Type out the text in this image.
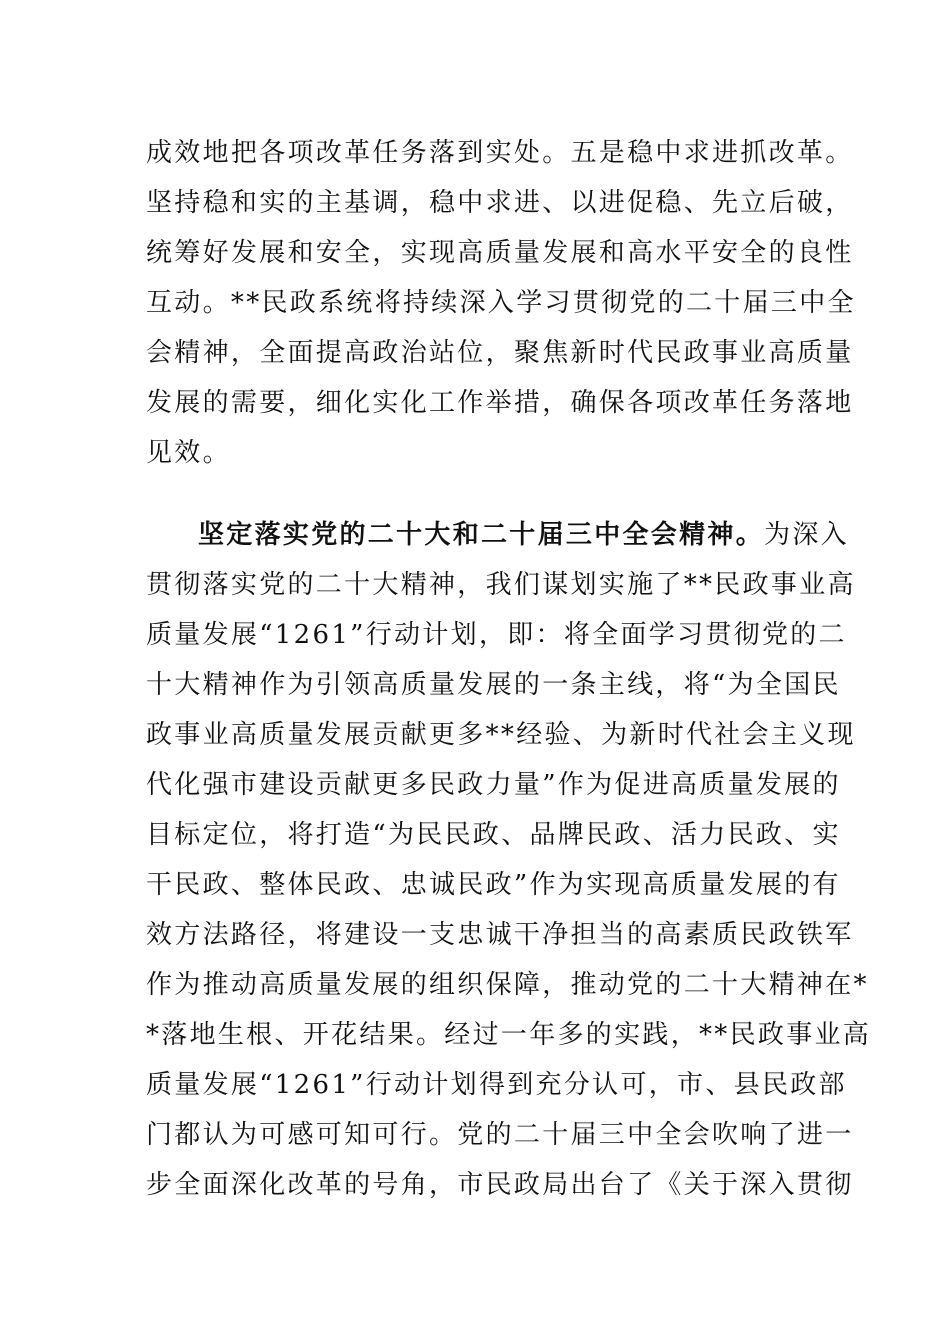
成效地把各项改革任务落到实处。五是稳中求进抓改革。
坚持稳和实的主基调，稳中求进、以进促稳、先立后破，
统筹好发展和安全，实现高质量发展和高水平安全的良性
互动。**民政系统将持续深入学习贯彻党的二十届三中全
会精神，全面提高政治站位，聚焦新时代民政事业高质量
发展的需要，细化实化工作举措，确保各项改革任务落地
见效。
坚定落实党的二十大和二十届三中全会精神。为深入
贯彻落实党的二十大精神，我们谋划实施了**民政事业高
质量发展“1261”行动计划，即：将全面学习贯彻党的二
十大精神作为引领高质量发展的一条主线，将“为全国民
政事业高质量发展贡献更多**经验、为新时代社会主义现
代化强市建设贡献更多民政力量”作为促进高质量发展的
目标定位，将打造“为民民政、品牌民政、活力民政、实
干民政、整体民政、忠诚民政”作为实现高质量发展的有
效方法路径，将建设一支忠诚干净担当的高素质民政铁军
作为推动高质量发展的组织保障，推动党的二十大精神在*
*落地生根、开花结果。经过一年多的实践，**民政事业高
质量发展“1261”行动计划得到充分认可，市、县民政部
门都认为可感可知可行。党的二十届三中全会吹响了进一
步全面深化改革的号角，市民政局出台了《关于深入贯彻
